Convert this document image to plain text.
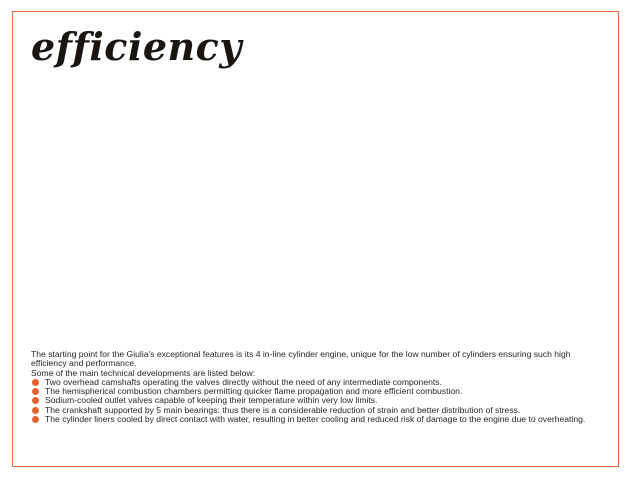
efficiency

The starting point for the Giulia's exceptional features is its 4 in-line cylinder engine, unique for the low number of cylinders ensuring such high efficiency and performance.

Some of the main technical developments are listed below:

Two overhead camshafts operating the valves directly without the need of any intermediate components.
The hemispherical combustion chambers permitting quicker flame propagation and more efficient combustion.
Sodium-cooled outlet valves capable of keeping their temperature within very low limits.
The crankshaft supported by 5 main bearings: thus there is a considerable reduction of strain and better distribution of stress.
The cylinder liners cooled by direct contact with water, resulting in better cooling and reduced risk of damage to the engine due to overheating.
